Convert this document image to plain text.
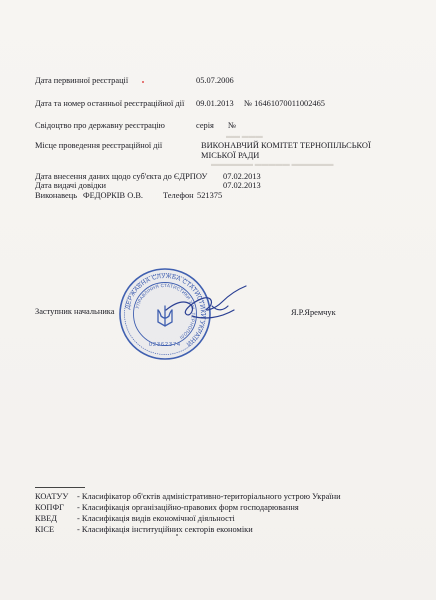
Дата первинної реєстрації	05.07.2006
Дата та номер останньої реєстраційної дії 09.01.2013 № 16461070011002465
Свідоцтво про державну реєстрацію	серія №
Місце проведення реєстраційної дії	ВИКОНАВЧИЙ КОМІТЕТ ТЕРНОПІЛЬСЬКОЇ
МІСЬКОЇ РАДИ
▬▬ ▬▬▬
▬▬▬▬▬▬ ▬▬▬▬▬ ▬▬▬▬▬▬
Дата внесення даних щодо суб'єкта до ЄДРПОУ 07.02.2013
Дата видачі довідки	07.02.2013
Виконавець ФЕДОРКІВ О.В. Телефон 521375
Заступник начальника	Я.Р.Яремчук
ДЕРЖАВНА СЛУЖБА СТАТИСТИКИ УКРАЇНИ
УПРАВЛІННЯ СТАТИСТИКИ У М. ТЕРНОПОЛІ
02362374
КОАТУУ - Класифікатор об'єктів адміністративно-територіального устрою України
КОПФГ - Класифікація організаційно-правових форм господарювання
КВЕД - Класифікація видів економічної діяльності
КІСЕ	- Класифікація інституційних секторів економіки
